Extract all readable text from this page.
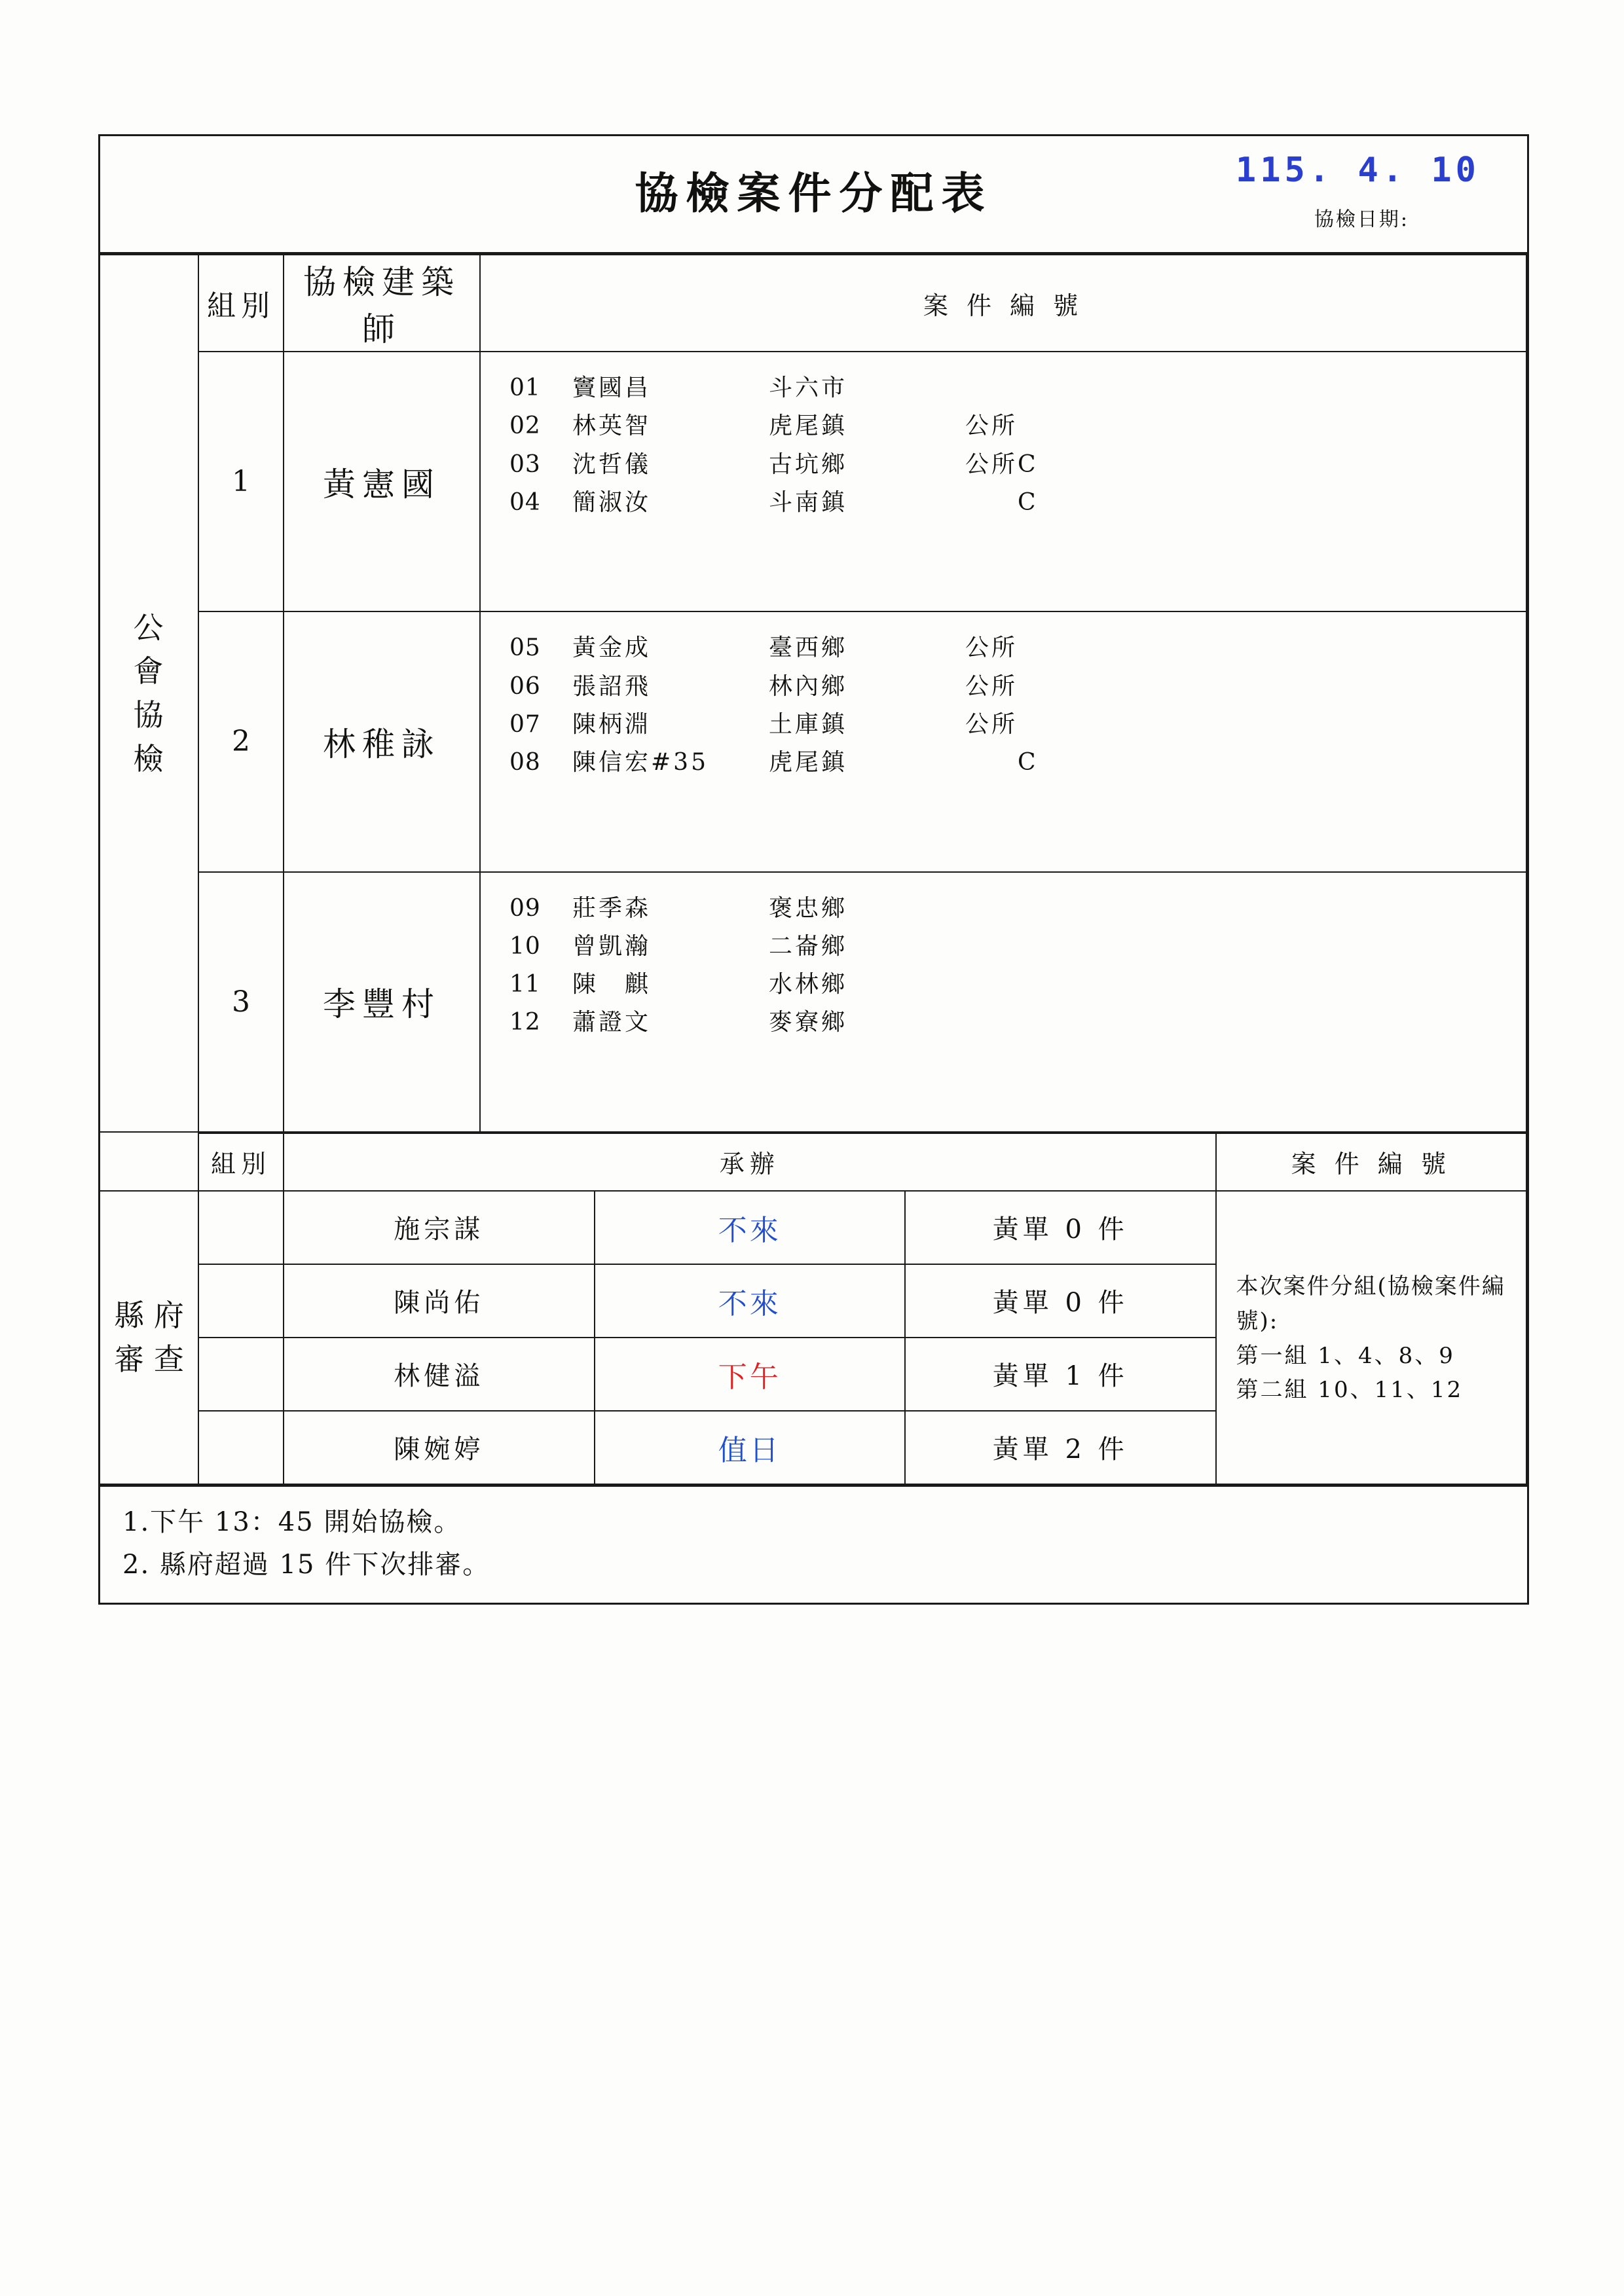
協檢案件分配表	115. 4. 10
協檢日期:
公
會
協
檢	組別	協檢建築師	案 件 編 號
1	黃憲國	
01	竇國昌	斗六市
02	林英智	虎尾鎮	公所
03	沈哲儀	古坑鄉	公所C
04	簡淑汝	斗南鎮	　　C

2	林稚詠	
05	黃金成	臺西鄉	公所
06	張詔飛	林內鄉	公所
07	陳柄淵	土庫鎮	公所
08	陳信宏#35	虎尾鎮	　　C

3	李豐村	
09	莊季森	褒忠鄉
10	曾凱瀚	二崙鄉
11	陳　麒	水林鄉
12	蕭證文	麥寮鄉
	組別	承辦			案 件 編 號
縣 府 審 查		施宗謀	不來	黃單 0 件	本次案件分組(協檢案件編號):
第一組 1、4、8、9
第二組 10、11、12

		陳尚佑	不來	黃單 0 件	
		林健溢	下午	黃單 1 件	
		陳婉婷	值日	黃單 2 件	
1.下午 13：45 開始協檢。
2. 縣府超過 15 件下次排審。
